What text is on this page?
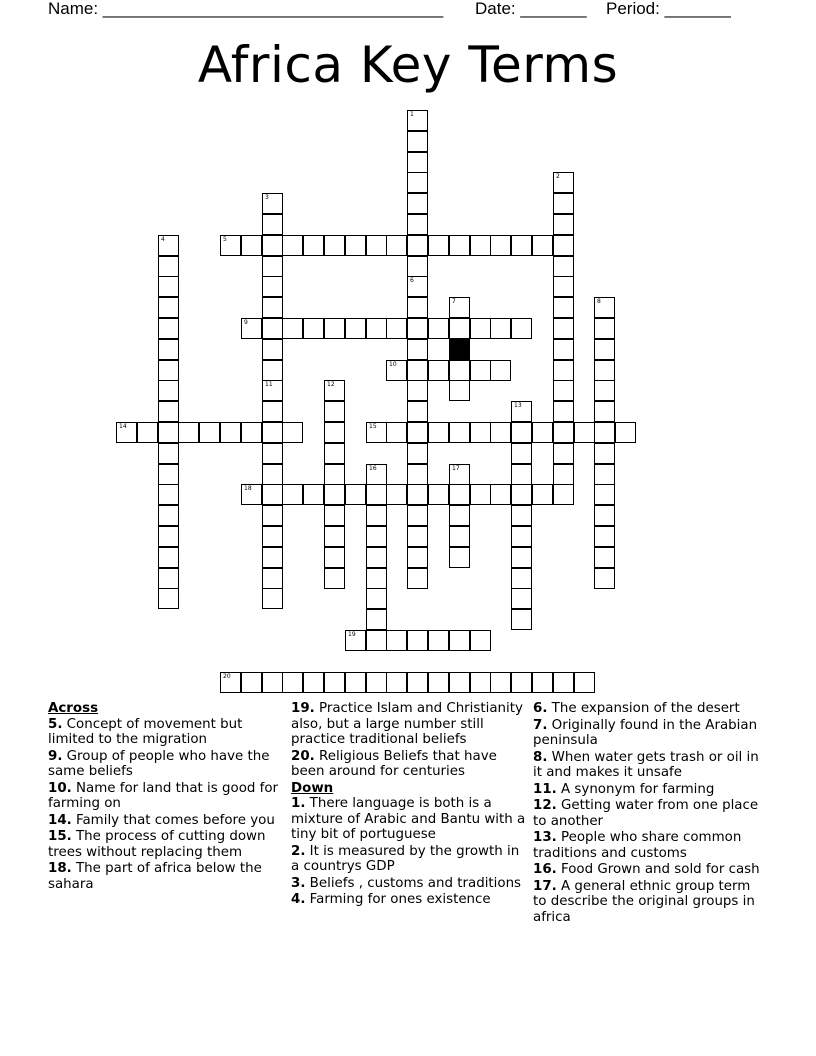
Name: ____________________________________ Date: _______ Period: _______
Africa Key Terms
1
6
2
3
11
4	5
7	8
9
10
12
13
14	15
16	17
18
19
20

Across

5. Concept of movement but limited to the migration

9. Group of people who have the same beliefs

10. Name for land that is good for farming on

14. Family that comes before you

15. The process of cutting down trees without replacing them

18. The part of africa below the sahara

19. Practice Islam and Christianity also, but a large number still practice traditional beliefs

20. Religious Beliefs that have been around for centuries

Down

1. There language is both is a mixture of Arabic and Bantu with a tiny bit of portuguese

2. It is measured by the growth in a countrys GDP

3. Beliefs , customs and traditions

4. Farming for ones existence

6. The expansion of the desert

7. Originally found in the Arabian peninsula

8. When water gets trash or oil in it and makes it unsafe

11. A synonym for farming

12. Getting water from one place to another

13. People who share common traditions and customs

16. Food Grown and sold for cash

17. A general ethnic group term to describe the original groups in africa
